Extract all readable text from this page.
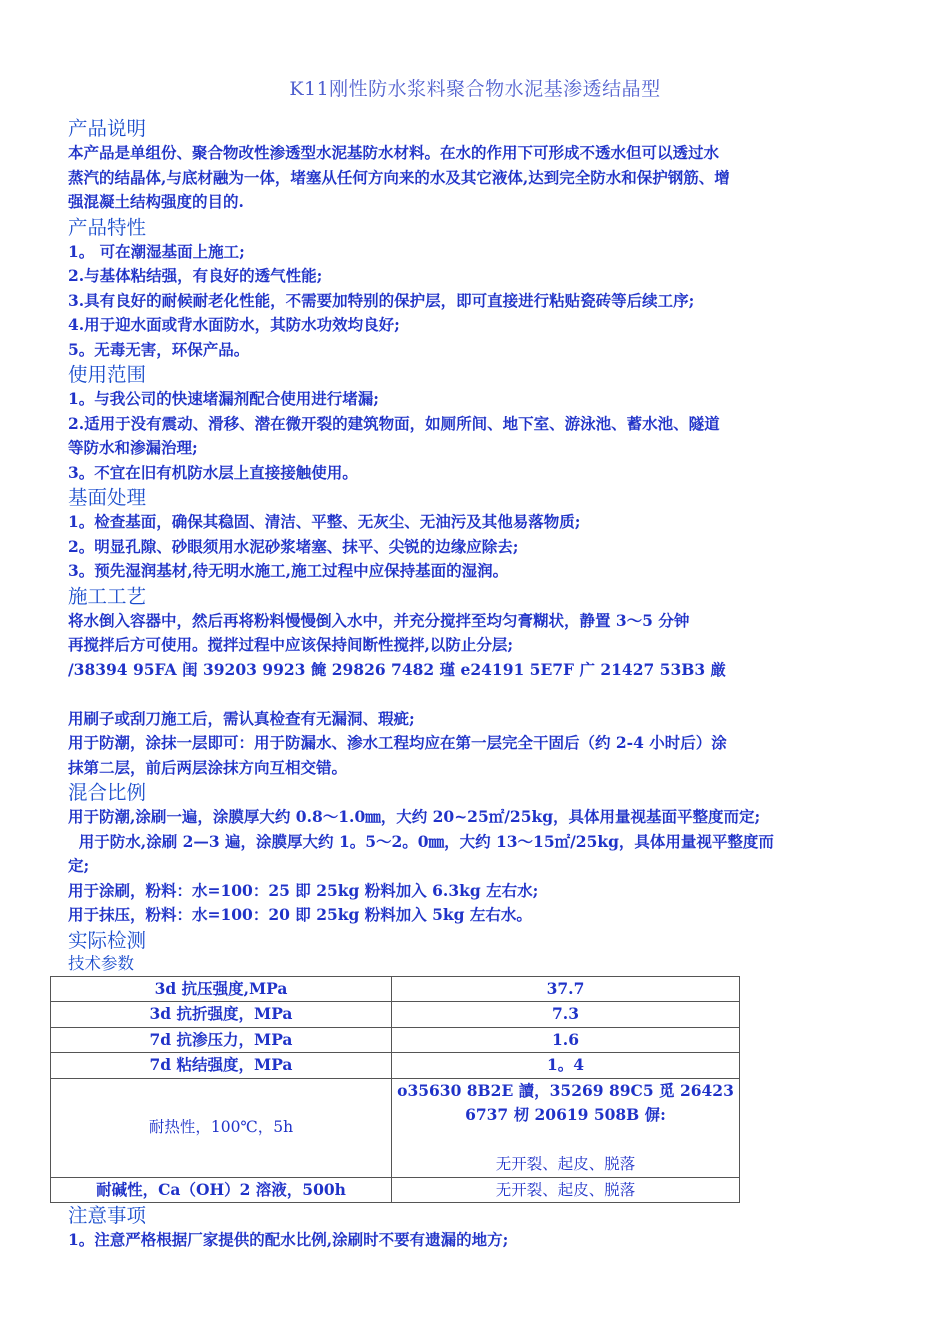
K11刚性防水浆料聚合物水泥基渗透结晶型
产品说明

本产品是单组份、聚合物改性渗透型水泥基防水材料。在水的作用下可形成不透水但可以透过水

蒸汽的结晶体,与底材融为一体，堵塞从任何方向来的水及其它液体,达到完全防水和保护钢筋、增

强混凝土结构强度的目的.

产品特性

1。 可在潮湿基面上施工;

2.与基体粘结强，有良好的透气性能;

3.具有良好的耐候耐老化性能，不需要加特别的保护层，即可直接进行粘贴瓷砖等后续工序;

4.用于迎水面或背水面防水，其防水功效均良好;

5。无毒无害，环保产品。

使用范围

1。与我公司的快速堵漏剂配合使用进行堵漏;

2.适用于没有震动、滑移、潜在微开裂的建筑物面，如厕所间、地下室、游泳池、蓄水池、隧道

等防水和渗漏治理;

3。不宜在旧有机防水层上直接接触使用。

基面处理

1。检查基面，确保其稳固、清洁、平整、无灰尘、无油污及其他易落物质;

2。明显孔隙、砂眼须用水泥砂浆堵塞、抹平、尖锐的边缘应除去;

3。预先湿润基材,待无明水施工,施工过程中应保持基面的湿润。

施工工艺

将水倒入容器中，然后再将粉料慢慢倒入水中，并充分搅拌至均匀膏糊状，静置 3～5 分钟

再搅拌后方可使用。搅拌过程中应该保持间断性搅拌,以防止分层;

/38394 95FA 闺 39203 9923 餣 29826 7482 瑾 e24191 5E7F 广 21427 53B3 厳

用刷子或刮刀施工后，需认真检查有无漏洞、瑕疵;

用于防潮，涂抹一层即可：用于防漏水、渗水工程均应在第一层完全干固后（约 2-4 小时后）涂

抹第二层，前后两层涂抹方向互相交错。

混合比例

用于防潮,涂刷一遍，涂膜厚大约 0.8～1.0㎜，大约 20~25㎡/25kg，具体用量视基面平整度而定;

用于防水,涂刷 2—3 遍，涂膜厚大约 1。5～2。0㎜，大约 13～15㎡/25kg，具体用量视平整度而

定;

用于涂刷，粉料：水=100：25 即 25kg 粉料加入 6.3kg 左右水;

用于抹压，粉料：水=100：20 即 25kg 粉料加入 5kg 左右水。

实际检测
技术参数
3d 抗压强度,MPa	37.7
3d 抗折强度，MPa	7.3
7d 抗渗压力，MPa	1.6
7d 粘结强度，MPa	1。4
耐热性，100℃，5h	o35630 8B2E 讀，35269 89C5 觅 26423
6737 杒 20619 508B 偋:
无开裂、起皮、脱落

耐碱性，Ca（OH）2 溶液，500h	无开裂、起皮、脱落
注意事项

1。注意严格根据厂家提供的配水比例,涂刷时不要有遗漏的地方;
